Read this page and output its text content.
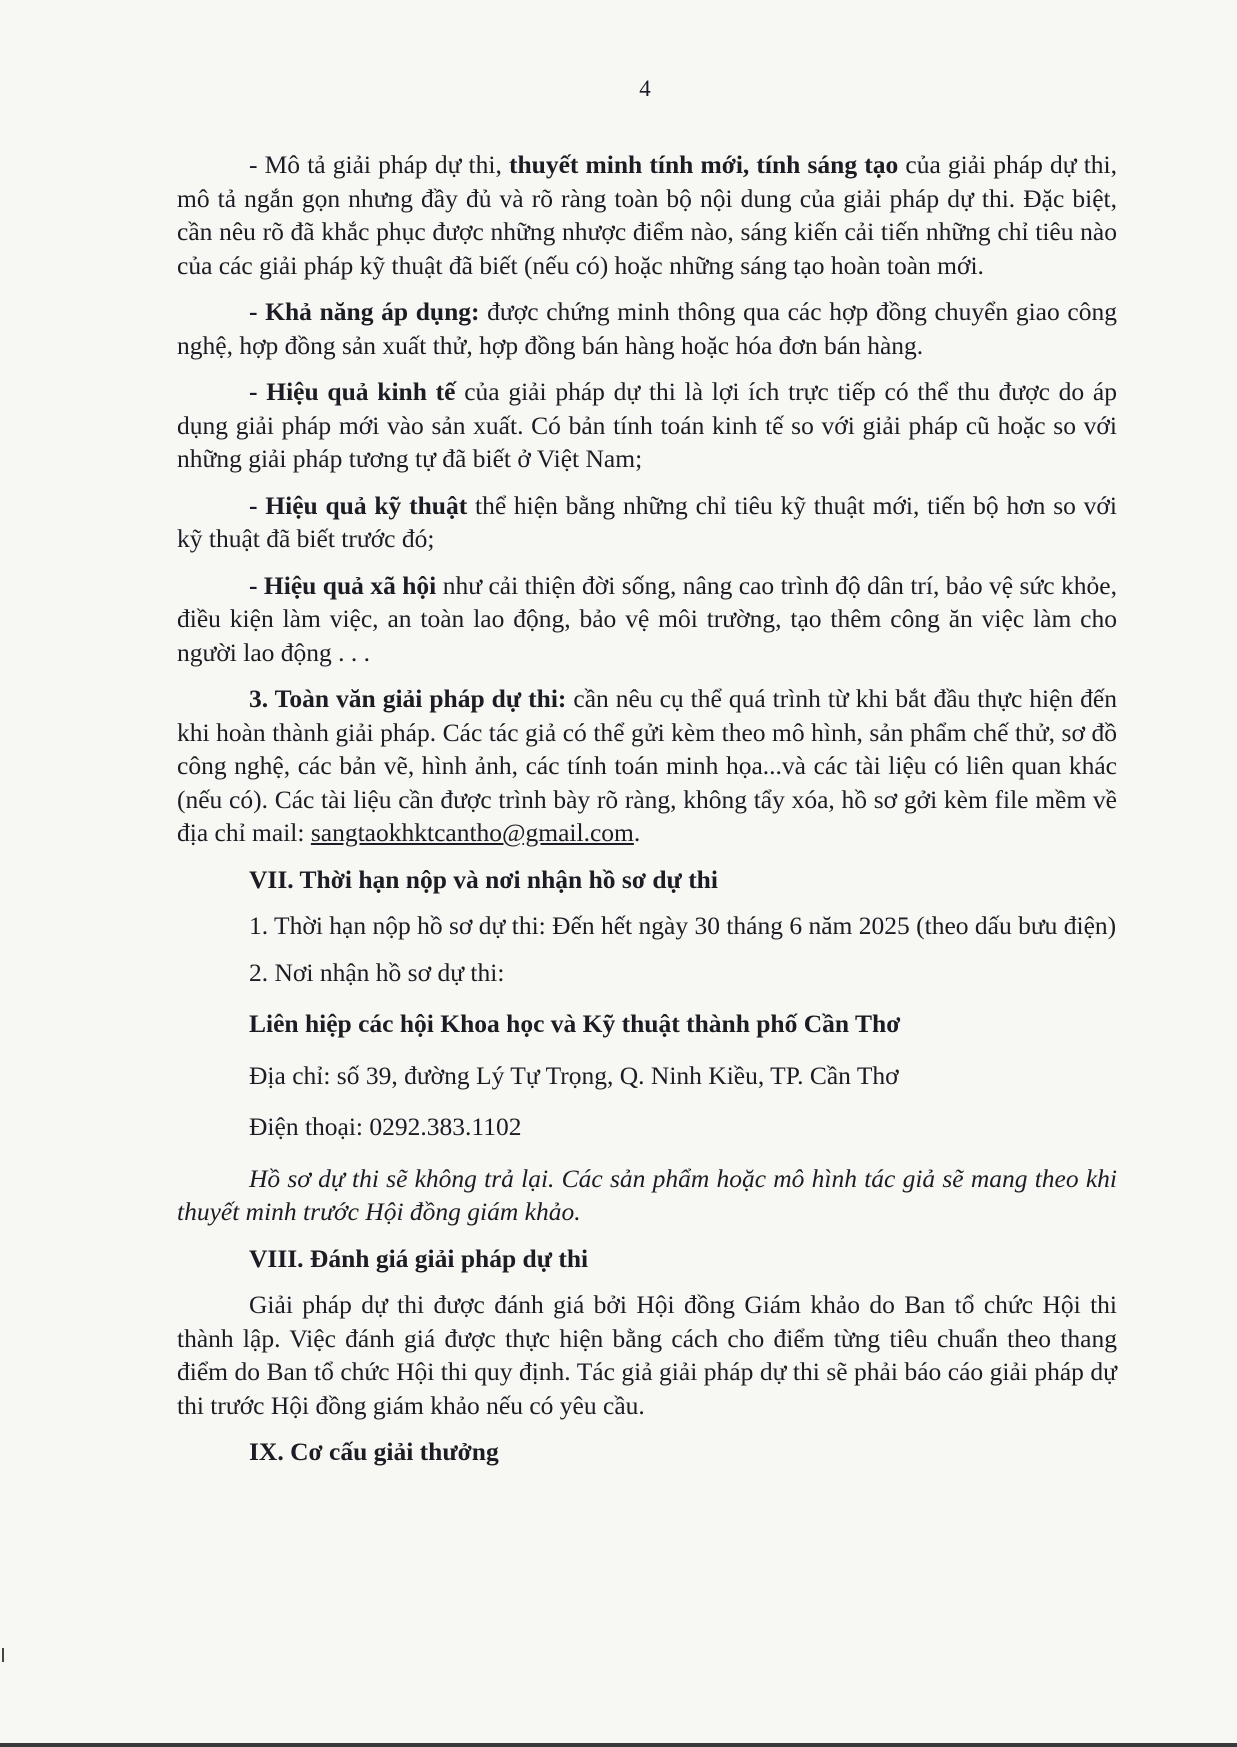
4

- Mô tả giải pháp dự thi, thuyết minh tính mới, tính sáng tạo của giải pháp dự thi, mô tả ngắn gọn nhưng đầy đủ và rõ ràng toàn bộ nội dung của giải pháp dự thi. Đặc biệt, cần nêu rõ đã khắc phục được những nhược điểm nào, sáng kiến cải tiến những chỉ tiêu nào của các giải pháp kỹ thuật đã biết (nếu có) hoặc những sáng tạo hoàn toàn mới.

- Khả năng áp dụng: được chứng minh thông qua các hợp đồng chuyển giao công nghệ, hợp đồng sản xuất thử, hợp đồng bán hàng hoặc hóa đơn bán hàng.

- Hiệu quả kinh tế của giải pháp dự thi là lợi ích trực tiếp có thể thu được do áp dụng giải pháp mới vào sản xuất. Có bản tính toán kinh tế so với giải pháp cũ hoặc so với những giải pháp tương tự đã biết ở Việt Nam;

- Hiệu quả kỹ thuật thể hiện bằng những chỉ tiêu kỹ thuật mới, tiến bộ hơn so với kỹ thuật đã biết trước đó;

- Hiệu quả xã hội như cải thiện đời sống, nâng cao trình độ dân trí, bảo vệ sức khỏe, điều kiện làm việc, an toàn lao động, bảo vệ môi trường, tạo thêm công ăn việc làm cho người lao động . . .

3. Toàn văn giải pháp dự thi: cần nêu cụ thể quá trình từ khi bắt đầu thực hiện đến khi hoàn thành giải pháp. Các tác giả có thể gửi kèm theo mô hình, sản phẩm chế thử, sơ đồ công nghệ, các bản vẽ, hình ảnh, các tính toán minh họa...và các tài liệu có liên quan khác (nếu có). Các tài liệu cần được trình bày rõ ràng, không tẩy xóa, hồ sơ gởi kèm file mềm về địa chỉ mail: sangtaokhktcantho@gmail.com.

VII. Thời hạn nộp và nơi nhận hồ sơ dự thi

1. Thời hạn nộp hồ sơ dự thi: Đến hết ngày 30 tháng 6 năm 2025 (theo dấu bưu điện)

2. Nơi nhận hồ sơ dự thi:

Liên hiệp các hội Khoa học và Kỹ thuật thành phố Cần Thơ

Địa chỉ: số 39, đường Lý Tự Trọng, Q. Ninh Kiều, TP. Cần Thơ

Điện thoại: 0292.383.1102

Hồ sơ dự thi sẽ không trả lại. Các sản phẩm hoặc mô hình tác giả sẽ mang theo khi thuyết minh trước Hội đồng giám khảo.

VIII. Đánh giá giải pháp dự thi

Giải pháp dự thi được đánh giá bởi Hội đồng Giám khảo do Ban tổ chức Hội thi thành lập. Việc đánh giá được thực hiện bằng cách cho điểm từng tiêu chuẩn theo thang điểm do Ban tổ chức Hội thi quy định. Tác giả giải pháp dự thi sẽ phải báo cáo giải pháp dự thi trước Hội đồng giám khảo nếu có yêu cầu.

IX. Cơ cấu giải thưởng
